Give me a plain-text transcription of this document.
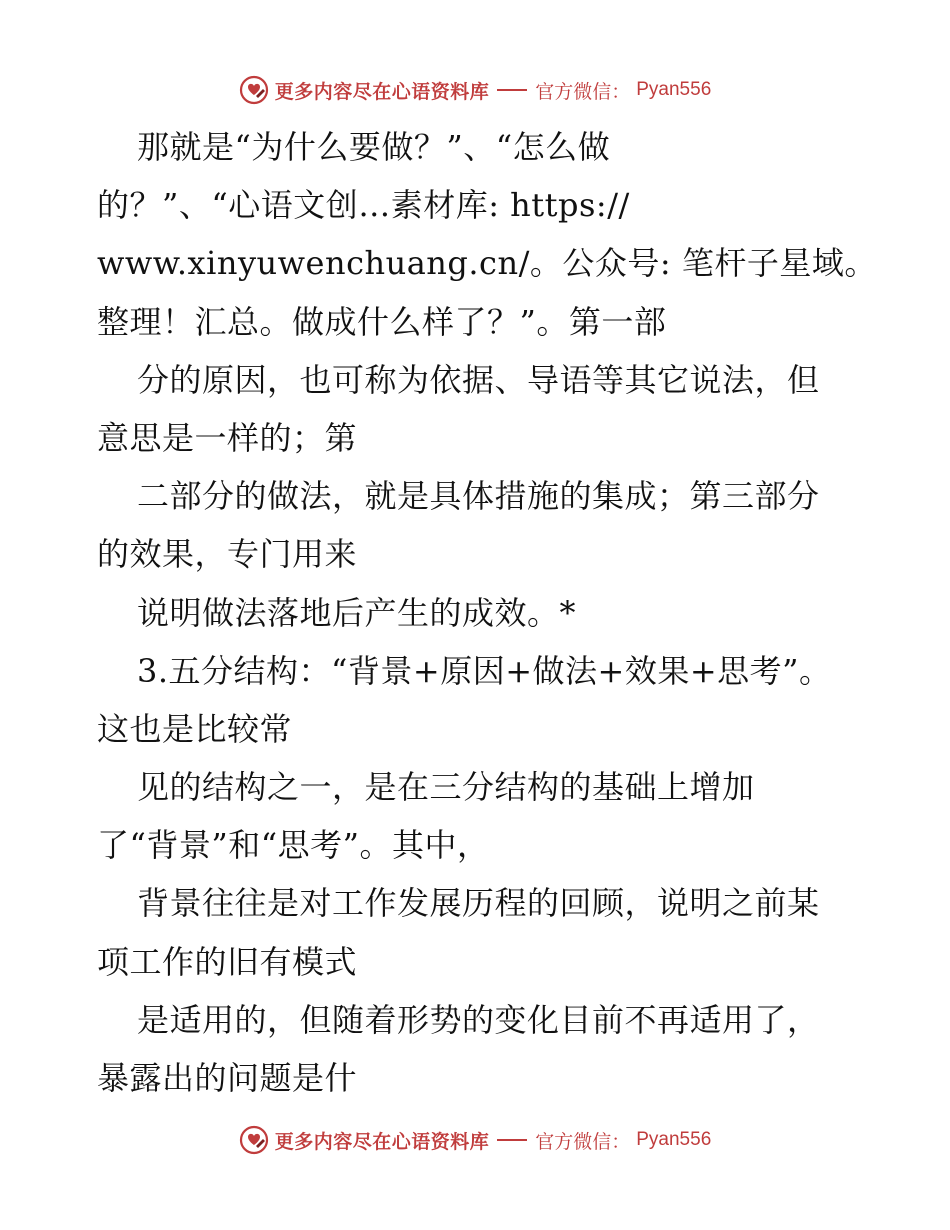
更多内容尽在心语资料库 官方微信： Pyan556
那就是“为什么要做？”、“怎么做
的？”、“心语文创…素材库: https://
www.xinyuwenchuang.cn/。公众号: 笔杆子星域。
整理！汇总。做成什么样了？”。第一部
分的原因，也可称为依据、导语等其它说法，但
意思是一样的；第
二部分的做法，就是具体措施的集成；第三部分
的效果，专门用来
说明做法落地后产生的成效。*
3.五分结构：“背景+原因+做法+效果+思考”。
这也是比较常
见的结构之一，是在三分结构的基础上增加
了“背景”和“思考”。其中，
背景往往是对工作发展历程的回顾，说明之前某
项工作的旧有模式
是适用的，但随着形势的变化目前不再适用了，
暴露出的问题是什
更多内容尽在心语资料库 官方微信： Pyan556
